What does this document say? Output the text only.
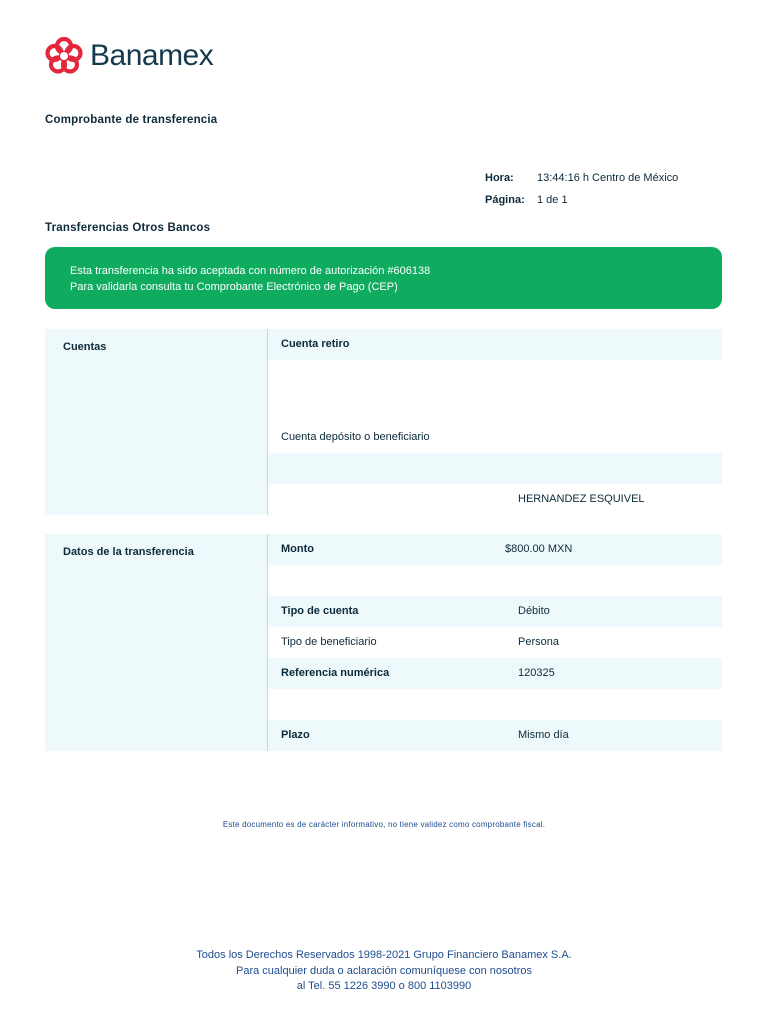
Banamex
Comprobante de transferencia
Hora:	13:44:16 h Centro de México
Página:	1 de 1
Transferencias Otros Bancos
Esta transferencia ha sido aceptada con número de autorización #606138
Para validarla consulta tu Comprobante Electrónico de Pago (CEP)
Cuentas	Cuenta retiro
Cuenta depósito o beneficiario
HERNANDEZ ESQUIVEL
Datos de la transferencia	Monto	$800.00 MXN
Tipo de cuenta	Débito
Tipo de beneficiario	Persona
Referencia numérica	120325
Plazo	Mismo día
Este documento es de carácter informativo, no tiene validez como comprobante fiscal.
Todos los Derechos Reservados 1998-2021 Grupo Financiero Banamex S.A.
Para cualquier duda o aclaración comuníquese con nosotros
al Tel. 55 1226 3990 o 800 1103990
